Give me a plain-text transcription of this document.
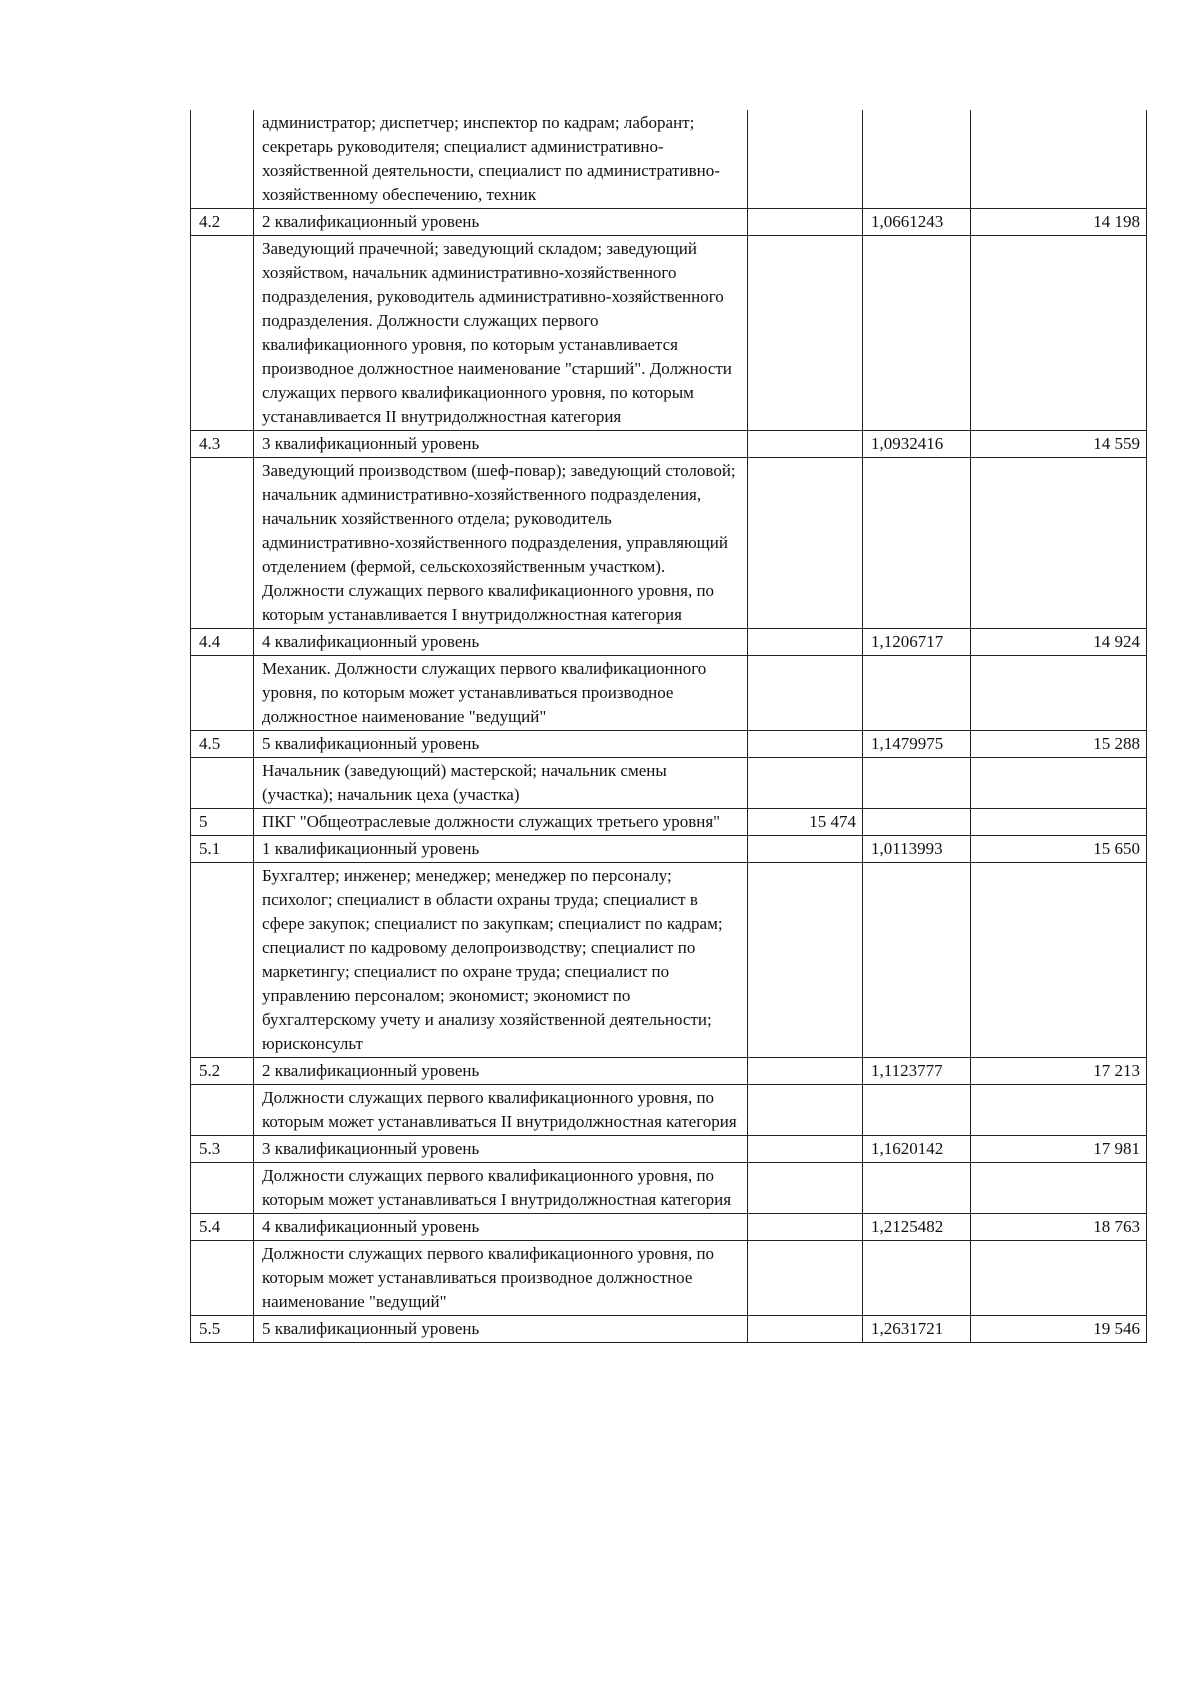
	администратор; диспетчер; инспектор по кадрам; лаборант; секретарь руководителя; специалист административно-хозяйственной деятельности, специалист по административно-хозяйственному обеспечению, техник			
4.2	2 квалификационный уровень		1,0661243	14 198
	Заведующий прачечной; заведующий складом; заведующий хозяйством, начальник административно-хозяйственного подразделения, руководитель административно-хозяйственного подразделения. Должности служащих первого квалификационного уровня, по которым устанавливается производное должностное наименование "старший". Должности служащих первого квалификационного уровня, по которым устанавливается II внутридолжностная категория			
4.3	3 квалификационный уровень		1,0932416	14 559
	Заведующий производством (шеф-повар); заведующий столовой; начальник административно-хозяйственного подразделения, начальник хозяйственного отдела; руководитель административно-хозяйственного подразделения, управляющий отделением (фермой, сельскохозяйственным участком). Должности служащих первого квалификационного уровня, по которым устанавливается I внутридолжностная категория			
4.4	4 квалификационный уровень		1,1206717	14 924
	Механик. Должности служащих первого квалификационного уровня, по которым может устанавливаться производное должностное наименование "ведущий"			
4.5	5 квалификационный уровень		1,1479975	15 288
	Начальник (заведующий) мастерской; начальник смены (участка); начальник цеха (участка)			
5	ПКГ "Общеотраслевые должности служащих третьего уровня"	15 474		
5.1	1 квалификационный уровень		1,0113993	15 650
	Бухгалтер; инженер; менеджер; менеджер по персоналу; психолог; специалист в области охраны труда; специалист в сфере закупок; специалист по закупкам; специалист по кадрам; специалист по кадровому делопроизводству; специалист по маркетингу; специалист по охране труда; специалист по управлению персоналом; экономист; экономист по бухгалтерскому учету и анализу хозяйственной деятельности; юрисконсульт			
5.2	2 квалификационный уровень		1,1123777	17 213
	Должности служащих первого квалификационного уровня, по которым может устанавливаться II внутридолжностная категория			
5.3	3 квалификационный уровень		1,1620142	17 981
	Должности служащих первого квалификационного уровня, по которым может устанавливаться I внутридолжностная категория			
5.4	4 квалификационный уровень		1,2125482	18 763
	Должности служащих первого квалификационного уровня, по которым может устанавливаться производное должностное наименование "ведущий"			
5.5	5 квалификационный уровень		1,2631721	19 546
